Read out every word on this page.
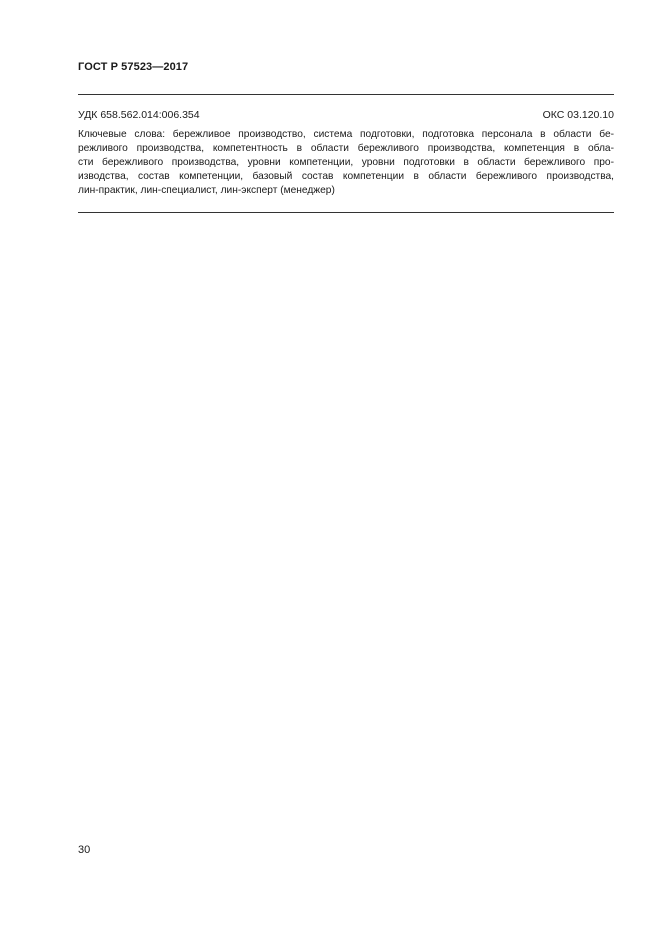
ГОСТ Р 57523—2017
УДК 658.562.014:006.354	ОКС 03.120.10
Ключевые слова: бережливое производство, система подготовки, подготовка персонала в области бе-
режливого производства, компетентность в области бережливого производства, компетенция в обла-
сти бережливого производства, уровни компетенции, уровни подготовки в области бережливого про-
изводства, состав компетенции, базовый состав компетенции в области бережливого производства,
лин-практик, лин-специалист, лин-эксперт (менеджер)
30
